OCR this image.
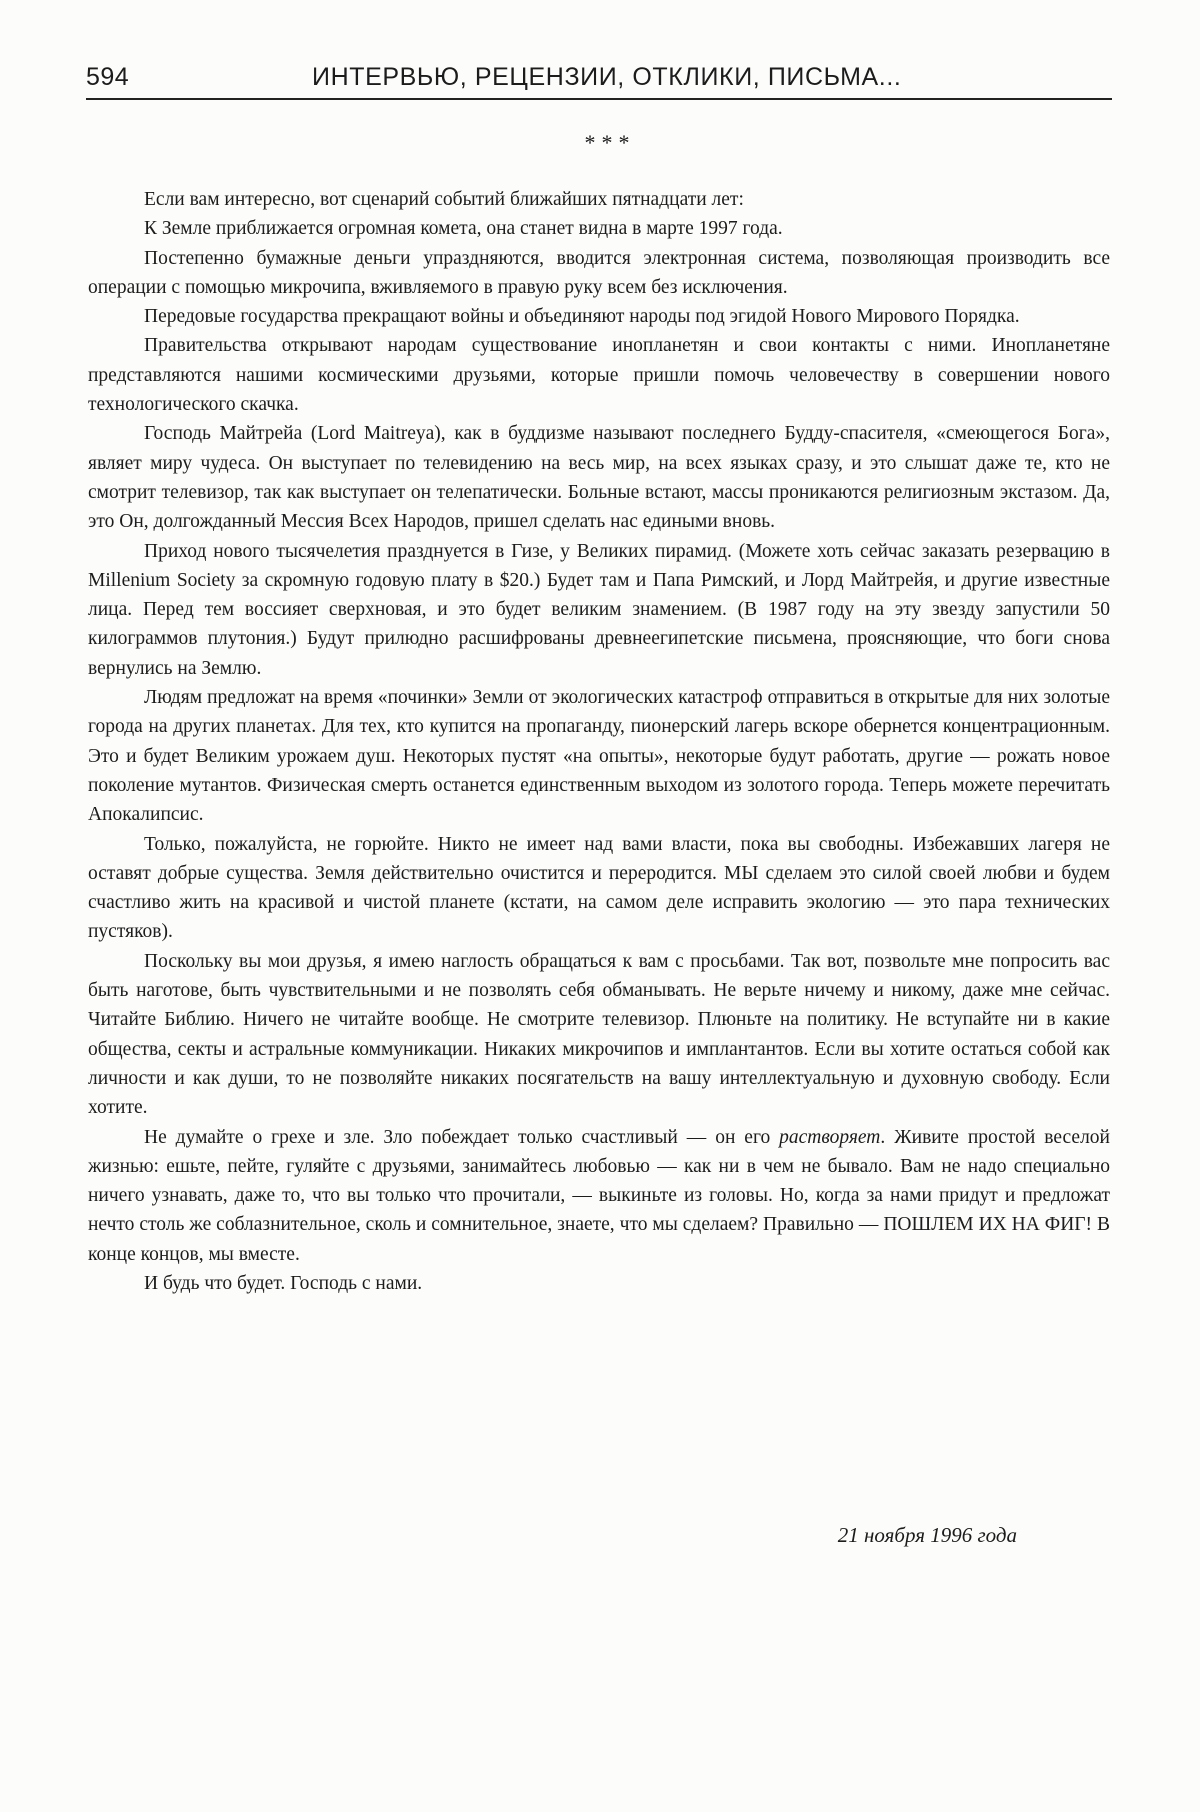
594	ИНТЕРВЬЮ, РЕЦЕНЗИИ, ОТКЛИКИ, ПИСЬМА...
***

Если вам интересно, вот сценарий событий ближайших пятнадцати лет:

К Земле приближается огромная комета, она станет видна в марте 1997 года.

Постепенно бумажные деньги упраздняются, вводится электронная система, позволяющая производить все операции с помощью микрочипа, вживляемого в правую руку всем без исключения.

Передовые государства прекращают войны и объединяют народы под эгидой Нового Мирового Порядка.

Правительства открывают народам существование инопланетян и свои контакты с ними. Инопланетяне представляются нашими космическими друзьями, которые пришли помочь человечеству в совершении нового технологического скачка.

Господь Майтрейа (Lord Maitreya), как в буддизме называют последнего Будду-спасителя, «смеющегося Бога», являет миру чудеса. Он выступает по телевидению на весь мир, на всех языках сразу, и это слышат даже те, кто не смотрит телевизор, так как выступает он телепатически. Больные встают, массы проникаются религиозным экстазом. Да, это Он, долгожданный Мессия Всех Народов, пришел сделать нас едиными вновь.

Приход нового тысячелетия празднуется в Гизе, у Великих пирамид. (Можете хоть сейчас заказать резервацию в Millenium Society за скромную годовую плату в $20.) Будет там и Папа Римский, и Лорд Майтрейя, и другие известные лица. Перед тем воссияет сверхновая, и это будет великим знамением. (В 1987 году на эту звезду запустили 50 килограммов плутония.) Будут прилюдно расшифрованы древнеегипетские письмена, проясняющие, что боги снова вернулись на Землю.

Людям предложат на время «починки» Земли от экологических катастроф отправиться в открытые для них золотые города на других планетах. Для тех, кто купится на пропаганду, пионерский лагерь вскоре обернется концентрационным. Это и будет Великим урожаем душ. Некоторых пустят «на опыты», некоторые будут работать, другие — рожать новое поколение мутантов. Физическая смерть останется единственным выходом из золотого города. Теперь можете перечитать Апокалипсис.

Только, пожалуйста, не горюйте. Никто не имеет над вами власти, пока вы свободны. Избежавших лагеря не оставят добрые существа. Земля действительно очистится и переродится. МЫ сделаем это силой своей любви и будем счастливо жить на красивой и чистой планете (кстати, на самом деле исправить экологию — это пара технических пустяков).

Поскольку вы мои друзья, я имею наглость обращаться к вам с просьбами. Так вот, позвольте мне попросить вас быть наготове, быть чувствительными и не позволять себя обманывать. Не верьте ничему и никому, даже мне сейчас. Читайте Библию. Ничего не читайте вообще. Не смотрите телевизор. Плюньте на политику. Не вступайте ни в какие общества, секты и астральные коммуникации. Никаких микрочипов и имплантантов. Если вы хотите остаться собой как личности и как души, то не позволяйте никаких посягательств на вашу интеллектуальную и духовную свободу. Если хотите.

Не думайте о грехе и зле. Зло побеждает только счастливый — он его растворяет. Живите простой веселой жизнью: ешьте, пейте, гуляйте с друзьями, занимайтесь любовью — как ни в чем не бывало. Вам не надо специально ничего узнавать, даже то, что вы только что прочитали, — выкиньте из головы. Но, когда за нами придут и предложат нечто столь же соблазнительное, сколь и сомнительное, знаете, что мы сделаем? Правильно — ПОШЛЕМ ИХ НА ФИГ! В конце концов, мы вместе.

И будь что будет. Господь с нами.

21 ноября 1996 года
